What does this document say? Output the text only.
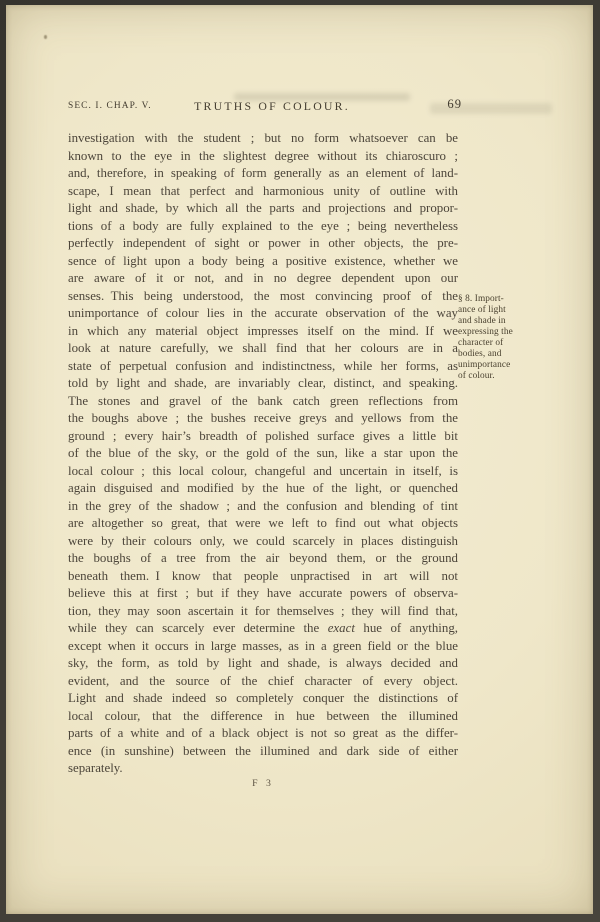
SEC. I. CHAP. V.	TRUTHS OF COLOUR.	69
investigation with the student ; but no form whatsoever can be
known to the eye in the slightest degree without its chiaroscuro ;
and, therefore, in speaking of form generally as an element of land-
scape, I mean that perfect and harmonious unity of outline with
light and shade, by which all the parts and projections and propor-
tions of a body are fully explained to the eye ; being nevertheless
perfectly independent of sight or power in other objects, the pre-
sence of light upon a body being a positive existence, whether we
are aware of it or not, and in no degree dependent upon our
senses. This being understood, the most convincing proof of the
unimportance of colour lies in the accurate observation of the way
in which any material object impresses itself on the mind. If we
look at nature carefully, we shall find that her colours are in a
state of perpetual confusion and indistinctness, while her forms, as
told by light and shade, are invariably clear, distinct, and speaking.
The stones and gravel of the bank catch green reflections from
the boughs above ; the bushes receive greys and yellows from the
ground ; every hair’s breadth of polished surface gives a little bit
of the blue of the sky, or the gold of the sun, like a star upon the
local colour ; this local colour, changeful and uncertain in itself, is
again disguised and modified by the hue of the light, or quenched
in the grey of the shadow ; and the confusion and blending of tint
are altogether so great, that were we left to find out what objects
were by their colours only, we could scarcely in places distinguish
the boughs of a tree from the air beyond them, or the ground
beneath them. I know that people unpractised in art will not
believe this at first ; but if they have accurate powers of observa-
tion, they may soon ascertain it for themselves ; they will find that,
while they can scarcely ever determine the exact hue of anything,
except when it occurs in large masses, as in a green field or the blue
sky, the form, as told by light and shade, is always decided and
evident, and the source of the chief character of every object.
Light and shade indeed so completely conquer the distinctions of
local colour, that the difference in hue between the illumined
parts of a white and of a black object is not so great as the differ-
ence (in sunshine) between the illumined and dark side of either
separately.
§ 8. Import-
ance of light
and shade in
expressing the
character of
bodies, and
unimportance
of colour.
F 3
